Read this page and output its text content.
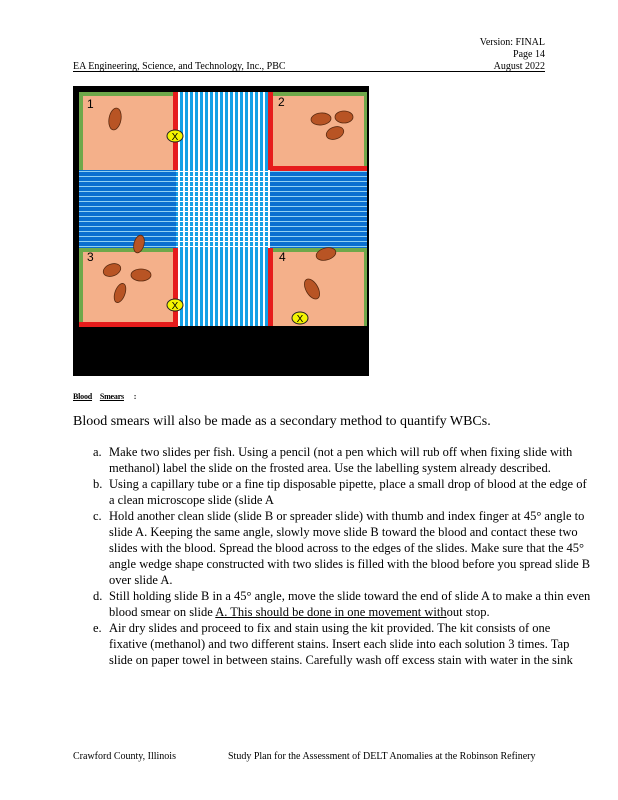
Version: FINAL
Page 14
August 2022
EA Engineering, Science, and Technology, Inc., PBC
1	2
3	4
X
X
X
Blood Smears :
Blood smears will also be made as a secondary method to quantify WBCs.
a. Make two slides per fish. Using a pencil (not a pen which will rub off when fixing slide with methanol) label the slide on the frosted area. Use the labelling system already described.
b. Using a capillary tube or a fine tip disposable pipette, place a small drop of blood at the edge of a clean microscope slide (slide A
c. Hold another clean slide (slide B or spreader slide) with thumb and index finger at 45° angle to slide A. Keeping the same angle, slowly move slide B toward the blood and contact these two slides with the blood. Spread the blood across to the edges of the slides. Make sure that the 45° angle wedge shape constructed with two slides is filled with the blood before you spread slide B over slide A.
d. Still holding slide B in a 45° angle, move the slide toward the end of slide A to make a thin even blood smear on slide A. This should be done in one movement without stop.
e. Air dry slides and proceed to fix and stain using the kit provided. The kit consists of one fixative (methanol) and two different stains. Insert each slide into each solution 3 times. Tap slide on paper towel in between stains. Carefully wash off excess stain with water in the sink
Crawford County, Illinois	Study Plan for the Assessment of DELT Anomalies at the Robinson Refinery
